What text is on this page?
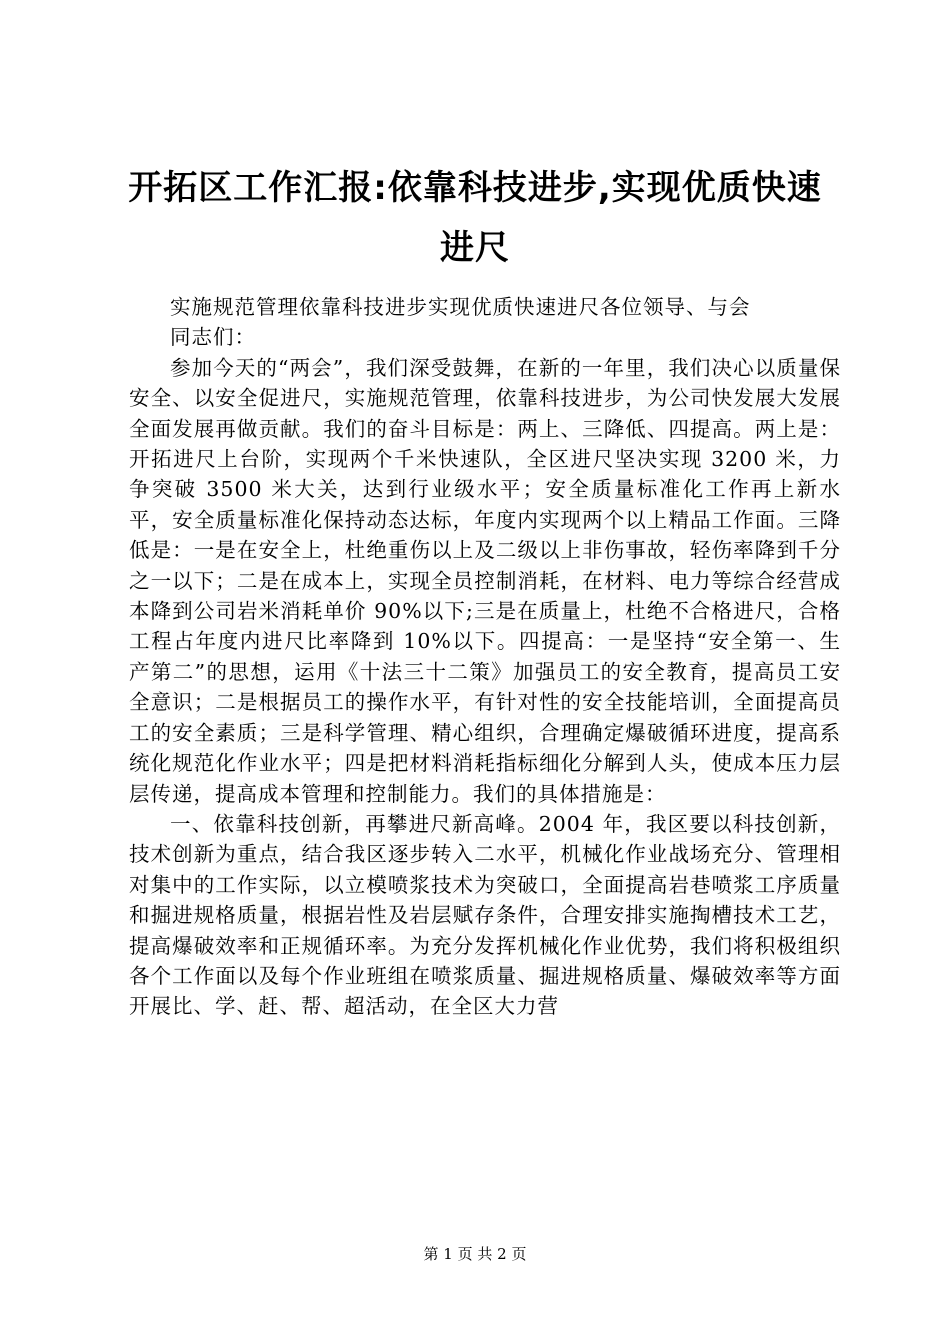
开拓区工作汇报:依靠科技进步,实现优质快速进尺

实施规范管理依靠科技进步实现优质快速进尺各位领导、与会

同志们：

参加今天的“两会”，我们深受鼓舞，在新的一年里，我们决心以质量保安全、以安全促进尺，实施规范管理，依靠科技进步，为公司快发展大发展全面发展再做贡献。我们的奋斗目标是：两上、三降低、四提高。两上是：开拓进尺上台阶，实现两个千米快速队，全区进尺坚决实现 3200 米，力争突破 3500 米大关，达到行业级水平；安全质量标准化工作再上新水平，安全质量标准化保持动态达标，年度内实现两个以上精品工作面。三降低是：一是在安全上，杜绝重伤以上及二级以上非伤事故，轻伤率降到千分之一以下；二是在成本上，实现全员控制消耗，在材料、电力等综合经营成本降到公司岩米消耗单价 90%以下;三是在质量上，杜绝不合格进尺，合格工程占年度内进尺比率降到 10%以下。四提高：一是坚持“安全第一、生产第二”的思想，运用《十法三十二策》加强员工的安全教育，提高员工安全意识；二是根据员工的操作水平，有针对性的安全技能培训，全面提高员工的安全素质；三是科学管理、精心组织，合理确定爆破循环进度，提高系统化规范化作业水平；四是把材料消耗指标细化分解到人头，使成本压力层层传递，提高成本管理和控制能力。我们的具体措施是：

一、依靠科技创新，再攀进尺新高峰。2004 年，我区要以科技创新，技术创新为重点，结合我区逐步转入二水平，机械化作业战场充分、管理相对集中的工作实际，以立模喷浆技术为突破口，全面提高岩巷喷浆工序质量和掘进规格质量，根据岩性及岩层赋存条件，合理安排实施掏槽技术工艺，提高爆破效率和正规循环率。为充分发挥机械化作业优势，我们将积极组织各个工作面以及每个作业班组在喷浆质量、掘进规格质量、爆破效率等方面开展比、学、赶、帮、超活动，在全区大力营

第 1 页 共 2 页
